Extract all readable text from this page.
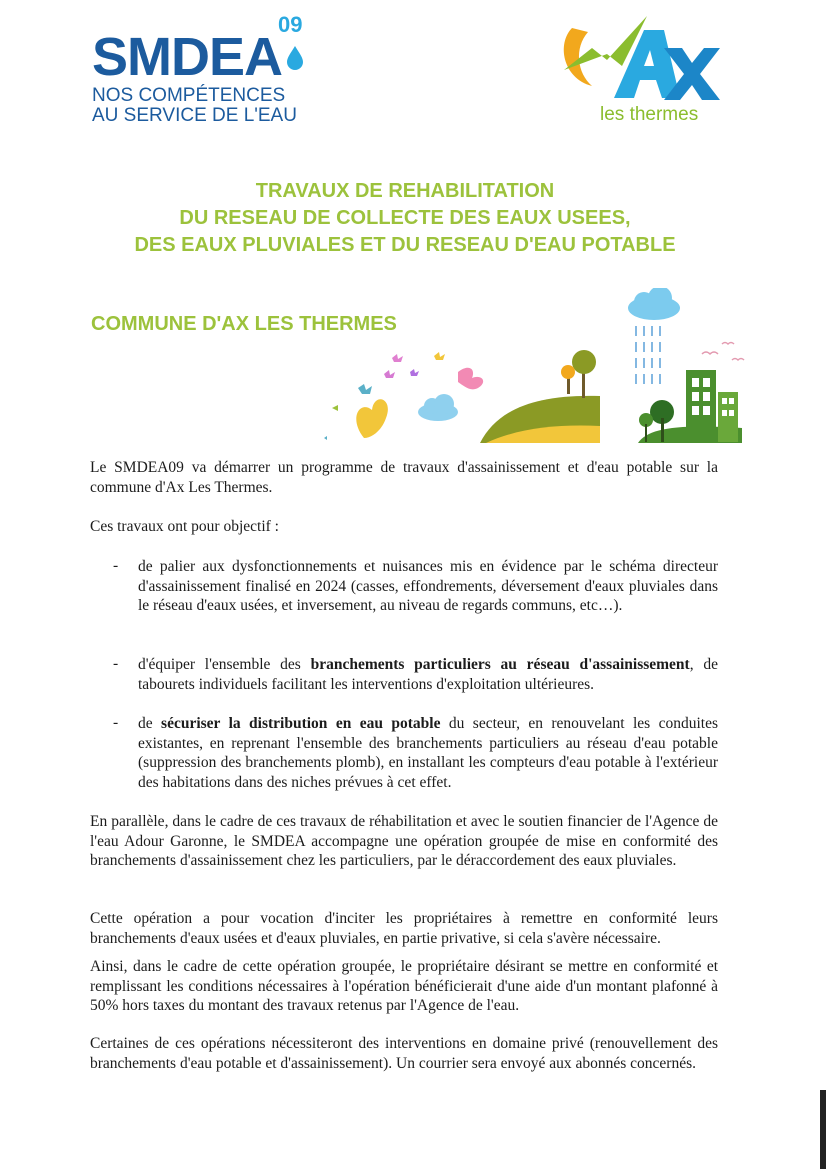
SMDEA
09
NOS COMPÉTENCES
AU SERVICE DE L'EAU	les thermes
TRAVAUX DE REHABILITATION
DU RESEAU DE COLLECTE DES EAUX USEES,
DES EAUX PLUVIALES ET DU RESEAU D'EAU POTABLE
COMMUNE D'AX LES THERMES
Le SMDEA09 va démarrer un programme de travaux d'assainissement et d'eau potable sur la commune d'Ax Les Thermes.
Ces travaux ont pour objectif :
- de palier aux dysfonctionnements et nuisances mis en évidence par le schéma directeur d'assainissement finalisé en 2024 (casses, effondrements, déversement d'eaux pluviales dans le réseau d'eaux usées, et inversement, au niveau de regards communs, etc…).
- d'équiper l'ensemble des branchements particuliers au réseau d'assainissement, de tabourets individuels facilitant les interventions d'exploitation ultérieures.
- de sécuriser la distribution en eau potable du secteur, en renouvelant les conduites existantes, en reprenant l'ensemble des branchements particuliers au réseau d'eau potable (suppression des branchements plomb), en installant les compteurs d'eau potable à l'extérieur des habitations dans des niches prévues à cet effet.
En parallèle, dans le cadre de ces travaux de réhabilitation et avec le soutien financier de l'Agence de l'eau Adour Garonne, le SMDEA accompagne une opération groupée de mise en conformité des branchements d'assainissement chez les particuliers, par le déraccordement des eaux pluviales.
Cette opération a pour vocation d'inciter les propriétaires à remettre en conformité leurs branchements d'eaux usées et d'eaux pluviales, en partie privative, si cela s'avère nécessaire.
Ainsi, dans le cadre de cette opération groupée, le propriétaire désirant se mettre en conformité et remplissant les conditions nécessaires à l'opération bénéficierait d'une aide d'un montant plafonné à 50% hors taxes du montant des travaux retenus par l'Agence de l'eau.
Certaines de ces opérations nécessiteront des interventions en domaine privé (renouvellement des branchements d'eau potable et d'assainissement). Un courrier sera envoyé aux abonnés concernés.
